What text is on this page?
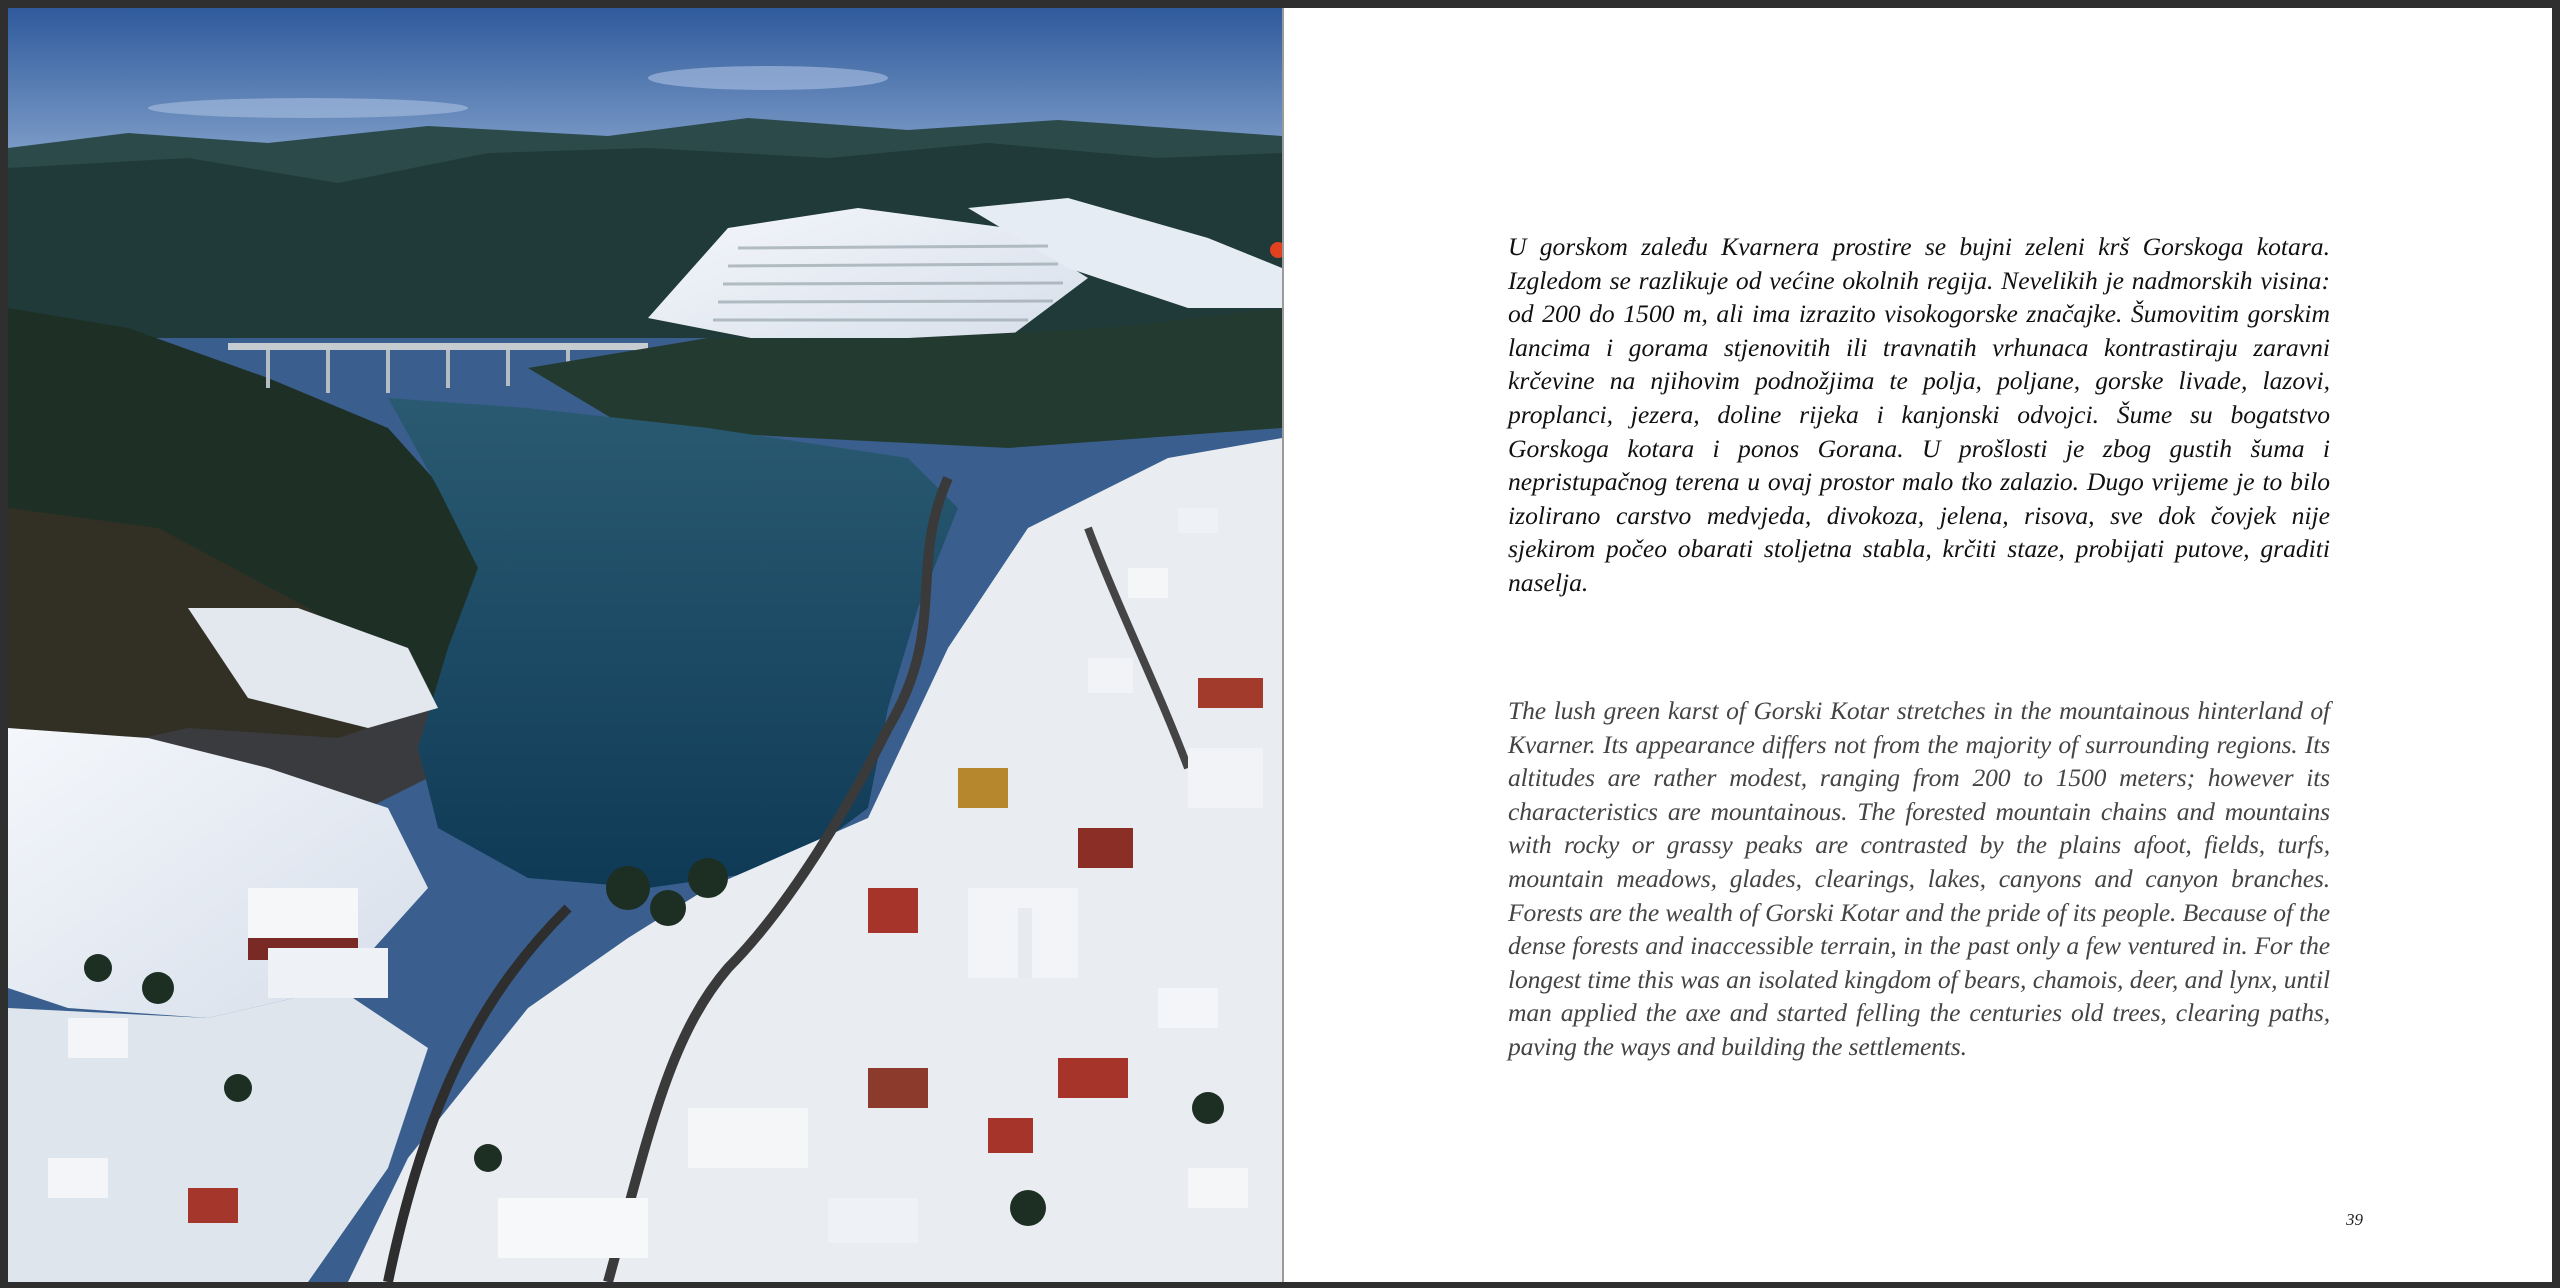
U gorskom zaleđu Kvarnera prostire se bujni zeleni krš Gorskoga kotara. Izgledom se razlikuje od većine okolnih regija. Nevelikih je nadmorskih visina: od 200 do 1500 m, ali ima izrazito visokogorske značajke. Šumovitim gorskim lancima i gorama stjenovitih ili travnatih vrhunaca kontrastiraju zaravni krčevine na njihovim podnožjima te polja, poljane, gorske livade, lazovi, proplanci, jezera, doline rijeka i kanjonski odvojci. Šume su bogatstvo Gorskoga kotara i ponos Gorana. U prošlosti je zbog gustih šuma i nepristupačnog terena u ovaj prostor malo tko zalazio. Dugo vrijeme je to bilo izolirano carstvo medvjeda, divokoza, jelena, risova, sve dok čovjek nije sjekirom počeo obarati stoljetna stabla, krčiti staze, probijati putove, graditi naselja.

The lush green karst of Gorski Kotar stretches in the mountainous hinterland of Kvarner. Its appearance differs not from the majority of surrounding regions. Its altitudes are rather modest, ranging from 200 to 1500 meters; however its characteristics are mountainous. The forested mountain chains and mountains with rocky or grassy peaks are contrasted by the plains afoot, fields, turfs, mountain meadows, glades, clearings, lakes, canyons and canyon branches. Forests are the wealth of Gorski Kotar and the pride of its people. Because of the dense forests and inaccessible terrain, in the past only a few ventured in. For the longest time this was an isolated kingdom of bears, chamois, deer, and lynx, until man applied the axe and started felling the centuries old trees, clearing paths, paving the ways and building the settlements.

39
